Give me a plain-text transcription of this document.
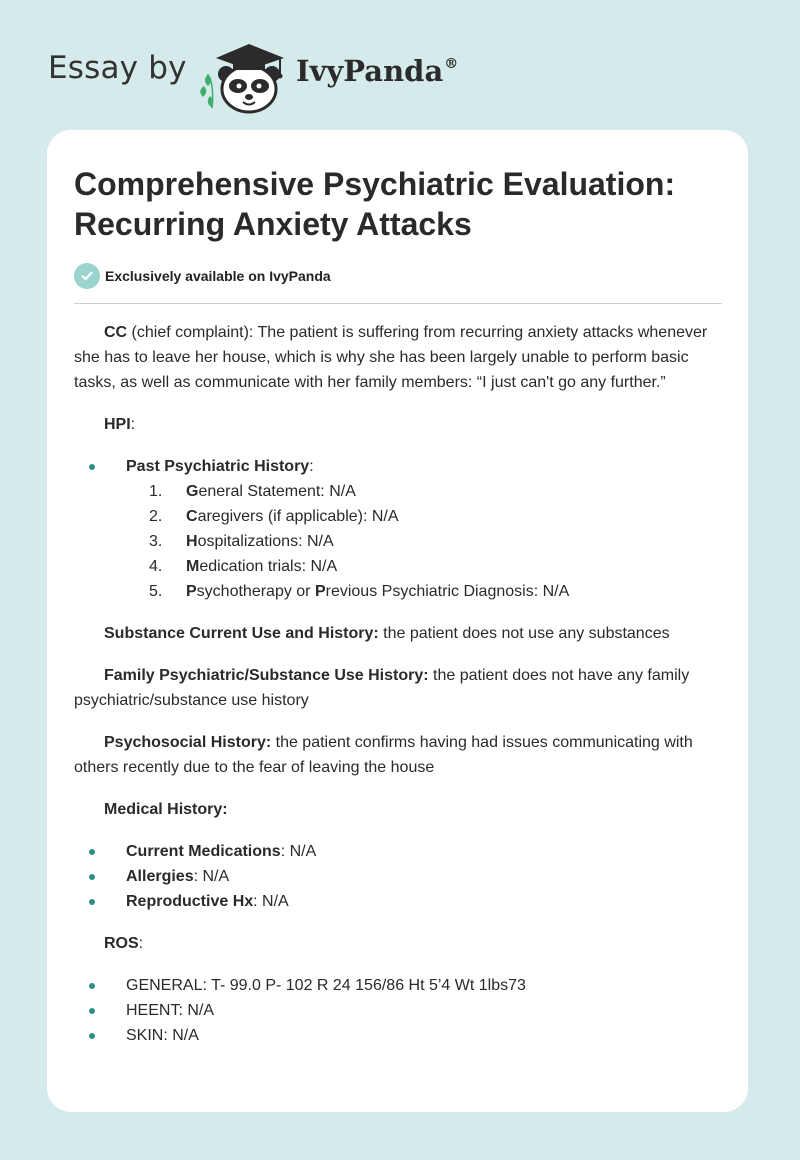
Essay by	IvyPanda®
Comprehensive Psychiatric Evaluation: Recurring Anxiety Attacks
Exclusively available on IvyPanda

CC (chief complaint): The patient is suffering from recurring anxiety attacks whenever she has to leave her house, which is why she has been largely unable to perform basic tasks, as well as communicate with her family members: “I just can't go any further.”

HPI:

Past Psychiatric History:
1. General Statement: N/A
2. Caregivers (if applicable): N/A
3. Hospitalizations: N/A
4. Medication trials: N/A
5. Psychotherapy or Previous Psychiatric Diagnosis: N/A

Substance Current Use and History: the patient does not use any substances

Family Psychiatric/Substance Use History: the patient does not have any family psychiatric/substance use history

Psychosocial History: the patient confirms having had issues communicating with others recently due to the fear of leaving the house

Medical History:

Current Medications: N/A
Allergies: N/A
Reproductive Hx: N/A

ROS:

GENERAL: T- 99.0 P- 102 R 24 156/86 Ht 5’4 Wt 1lbs73
HEENT: N/A
SKIN: N/A
